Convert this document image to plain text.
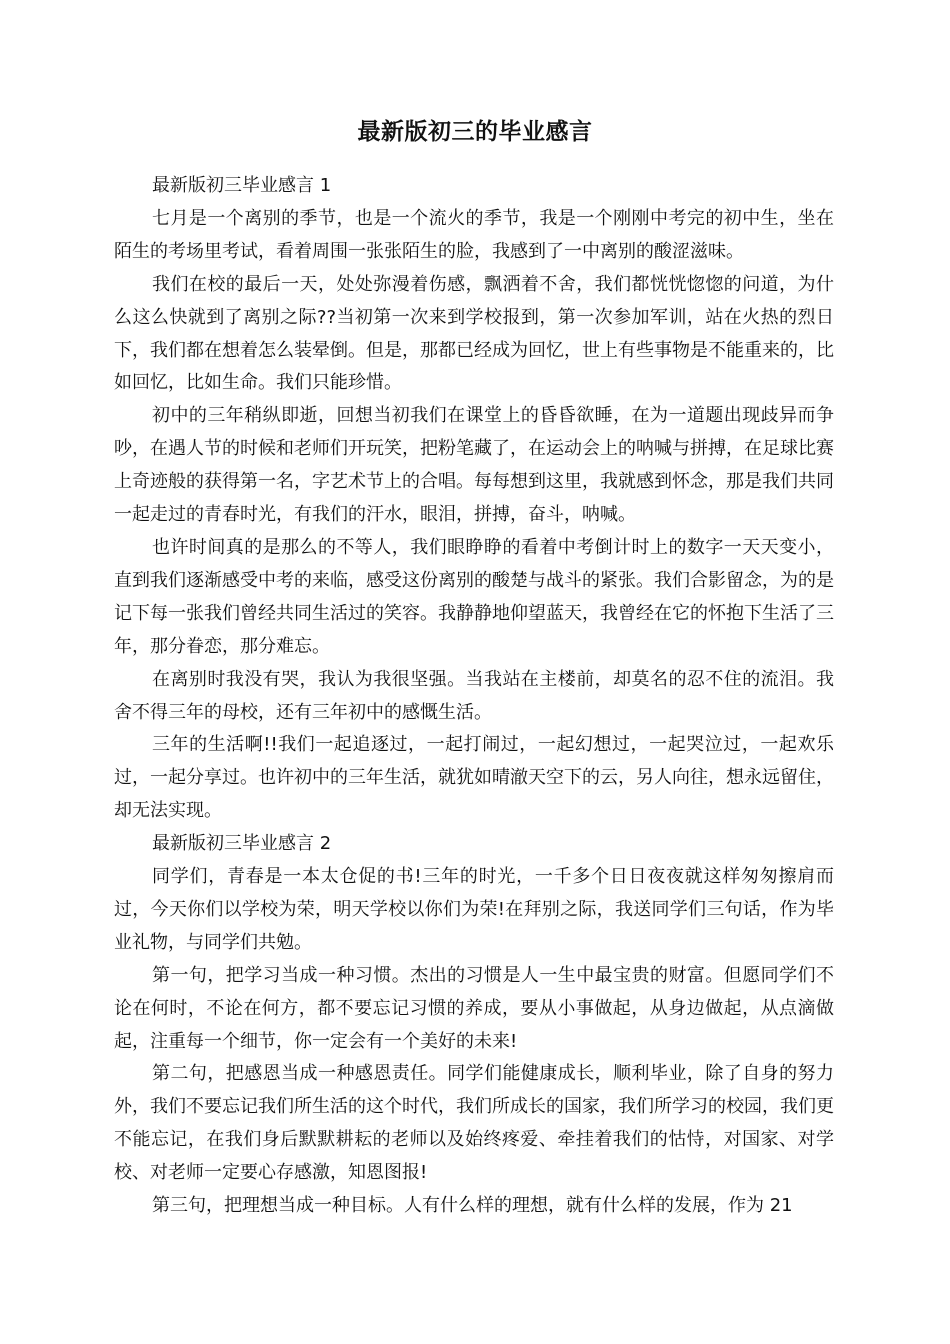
最新版初三的毕业感言

最新版初三毕业感言 1

七月是一个离别的季节，也是一个流火的季节，我是一个刚刚中考完的初中生，坐在陌生的考场里考试，看着周围一张张陌生的脸，我感到了一中离别的酸涩滋味。

我们在校的最后一天，处处弥漫着伤感，飘洒着不舍，我们都恍恍惚惚的问道，为什么这么快就到了离别之际??当初第一次来到学校报到，第一次参加军训，站在火热的烈日下，我们都在想着怎么装晕倒。但是，那都已经成为回忆，世上有些事物是不能重来的，比如回忆，比如生命。我们只能珍惜。

初中的三年稍纵即逝，回想当初我们在课堂上的昏昏欲睡，在为一道题出现歧异而争吵，在遇人节的时候和老师们开玩笑，把粉笔藏了，在运动会上的呐喊与拼搏，在足球比赛上奇迹般的获得第一名，字艺术节上的合唱。每每想到这里，我就感到怀念，那是我们共同一起走过的青春时光，有我们的汗水，眼泪，拼搏，奋斗，呐喊。

也许时间真的是那么的不等人，我们眼睁睁的看着中考倒计时上的数字一天天变小，直到我们逐渐感受中考的来临，感受这份离别的酸楚与战斗的紧张。我们合影留念，为的是记下每一张我们曾经共同生活过的笑容。我静静地仰望蓝天，我曾经在它的怀抱下生活了三年，那分眷恋，那分难忘。

在离别时我没有哭，我认为我很坚强。当我站在主楼前，却莫名的忍不住的流泪。我舍不得三年的母校，还有三年初中的感慨生活。

三年的生活啊!!我们一起追逐过，一起打闹过，一起幻想过，一起哭泣过，一起欢乐过，一起分享过。也许初中的三年生活，就犹如晴澈天空下的云，另人向往，想永远留住，却无法实现。

最新版初三毕业感言 2

同学们，青春是一本太仓促的书!三年的时光，一千多个日日夜夜就这样匆匆擦肩而过，今天你们以学校为荣，明天学校以你们为荣!在拜别之际，我送同学们三句话，作为毕业礼物，与同学们共勉。

第一句，把学习当成一种习惯。杰出的习惯是人一生中最宝贵的财富。但愿同学们不论在何时，不论在何方，都不要忘记习惯的养成，要从小事做起，从身边做起，从点滴做起，注重每一个细节，你一定会有一个美好的未来!

第二句，把感恩当成一种感恩责任。同学们能健康成长，顺利毕业，除了自身的努力外，我们不要忘记我们所生活的这个时代，我们所成长的国家，我们所学习的校园，我们更不能忘记，在我们身后默默耕耘的老师以及始终疼爱、牵挂着我们的怙恃，对国家、对学校、对老师一定要心存感激，知恩图报!

第三句，把理想当成一种目标。人有什么样的理想，就有什么样的发展，作为 21
